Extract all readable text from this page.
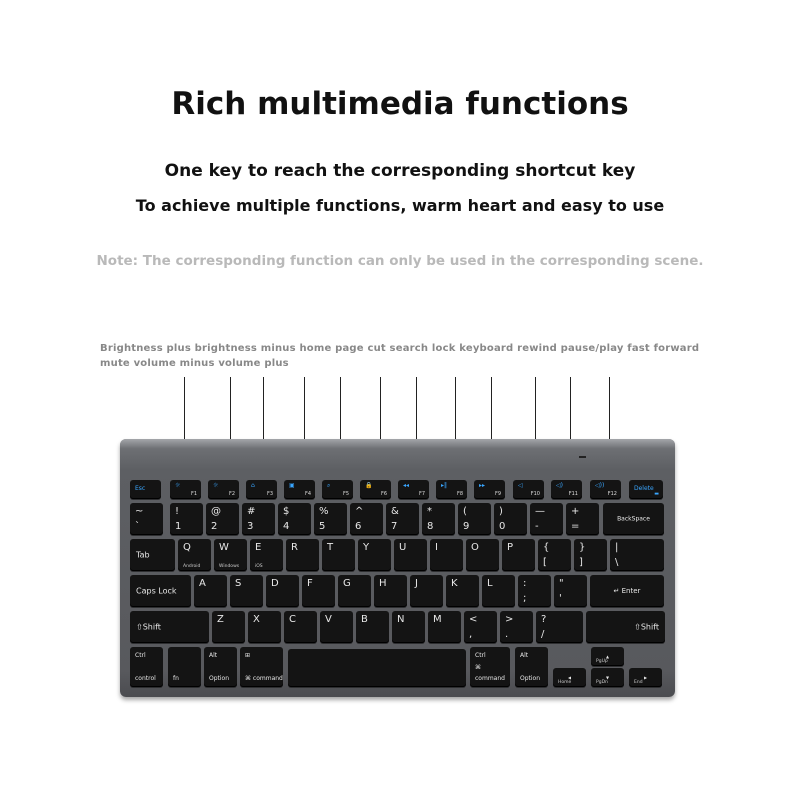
Rich multimedia functions
One key to reach the corresponding shortcut key
To achieve multiple functions, warm heart and easy to use
Note: The corresponding function can only be used in the corresponding scene.
Brightness plus brightness minus home page cut search lock keyboard rewind pause/play fast forward mute volume minus volume plus
Esc	☼
F1
☼
F2
⌂
F3
▣
F4
⌕
F5
🔒
F6
◂◂
F7
▸‖
F8
▸▸
F9
◁
F10
◁)
F11
◁))
F12
Delete
▬
~
`
!
1
@
2
#
3
$
4
%
5
^
6
&
7
*
8
(
9
)
0
—
-
+
=
BackSpace
Tab
Q
Android
W
Windows
E
iOS
R	T	Y	U	I	O	P	{
[
}
]
|
\
Caps Lock
A	S	D	F	G	H	J	K	L	:
;
"
'
↵ Enter
⇧Shift
Z	X	C	V	B	N	M	<
,
>
.
?
/
⇧Shift
Ctrl
control	fn
Alt
Option
⊞
⌘ command
Ctrl
⌘ command
Alt
Option	◂
Home
▴
PgUp
▾
PgDn
▸
End
